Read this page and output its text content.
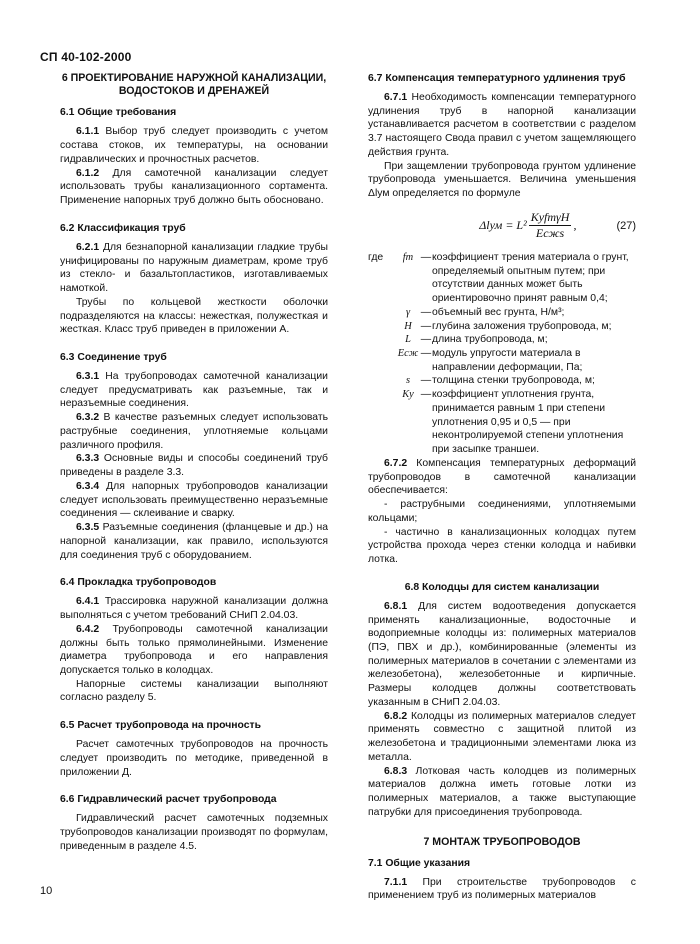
СП 40-102-2000
6 ПРОЕКТИРОВАНИЕ НАРУЖНОЙ КАНАЛИЗАЦИИ, ВОДОСТОКОВ И ДРЕНАЖЕЙ
6.1 Общие требования

6.1.1 Выбор труб следует производить с учетом состава стоков, их температуры, на основании гидравлических и прочностных расчетов.

6.1.2 Для самотечной канализации следует использовать трубы канализационного сортамента. Применение напорных труб должно быть обосновано.

6.2 Классификация труб

6.2.1 Для безнапорной канализации гладкие трубы унифицированы по наружным диаметрам, кроме труб из стекло- и базальтопластиков, изготавливаемых намоткой.

Трубы по кольцевой жесткости оболочки подразделяются на классы: нежесткая, полужесткая и жесткая. Класс труб приведен в приложении А.

6.3 Соединение труб

6.3.1 На трубопроводах самотечной канализации следует предусматривать как разъемные, так и неразъемные соединения.

6.3.2 В качестве разъемных следует использовать раструбные соединения, уплотняемые кольцами различного профиля.

6.3.3 Основные виды и способы соединений труб приведены в разделе 3.3.

6.3.4 Для напорных трубопроводов канализации следует использовать преимущественно неразъемные соединения — склеивание и сварку.

6.3.5 Разъемные соединения (фланцевые и др.) на напорной канализации, как правило, используются для соединения труб с оборудованием.

6.4 Прокладка трубопроводов

6.4.1 Трассировка наружной канализации должна выполняться с учетом требований СНиП 2.04.03.

6.4.2 Трубопроводы самотечной канализации должны быть только прямолинейными. Изменение диаметра трубопровода и его направления допускается только в колодцах.

Напорные системы канализации выполняют согласно разделу 5.

6.5 Расчет трубопровода на прочность

Расчет самотечных трубопроводов на прочность следует производить по методике, приведенной в приложении Д.

6.6 Гидравлический расчет трубопровода

Гидравлический расчет самотечных подземных трубопроводов канализации производят по формулам, приведенным в разделе 4.5.

6.7 Компенсация температурного удлинения труб

6.7.1 Необходимость компенсации температурного удлинения труб в напорной канализации устанавливается расчетом в соответствии с разделом 3.7 настоящего Свода правил с учетом защемляющего действия грунта.

При защемлении трубопровода грунтом удлинение трубопровода уменьшается. Величина уменьшения Δlум определяется по формуле

Δlум =
$L^2 \frac{\text{KуfтγH}}{\text{Eсжs}}$ ,	(27)
где	fт — коэффициент трения материала о грунт, определяемый опытным путем; при отсутствии данных может быть ориентировочно принят равным 0,4;
γ	— объемный вес грунта, Н/м³;
H — глубина заложения трубопровода, м;
L — длина трубопровода, м;
Eсж — модуль упругости материала в направлении деформации, Па;
s	— толщина стенки трубопровода, м;
Kу — коэффициент уплотнения грунта, принимается равным 1 при степени уплотнения 0,95 и 0,5 — при неконтролируемой степени уплотнения при засыпке траншеи.

6.7.2 Компенсация температурных деформаций трубопроводов в самотечной канализации обеспечивается:

- раструбными соединениями, уплотняемыми кольцами;

- частично в канализационных колодцах путем устройства прохода через стенки колодца и набивки лотка.

6.8 Колодцы для систем канализации

6.8.1 Для систем водоотведения допускается применять канализационные, водосточные и водоприемные колодцы из: полимерных материалов (ПЭ, ПВХ и др.), комбинированные (элементы из полимерных материалов в сочетании с элементами из железобетона), железобетонные и кирпичные. Размеры колодцев должны соответствовать указанным в СНиП 2.04.03.

6.8.2 Колодцы из полимерных материалов следует применять совместно с защитной плитой из железобетона и традиционными элементами люка из металла.

6.8.3 Лотковая часть колодцев из полимерных материалов должна иметь готовые лотки из полимерных материалов, а также выступающие патрубки для присоединения трубопровода.

7 МОНТАЖ ТРУБОПРОВОДОВ
7.1 Общие указания

7.1.1 При строительстве трубопроводов с применением труб из полимерных материалов

10
